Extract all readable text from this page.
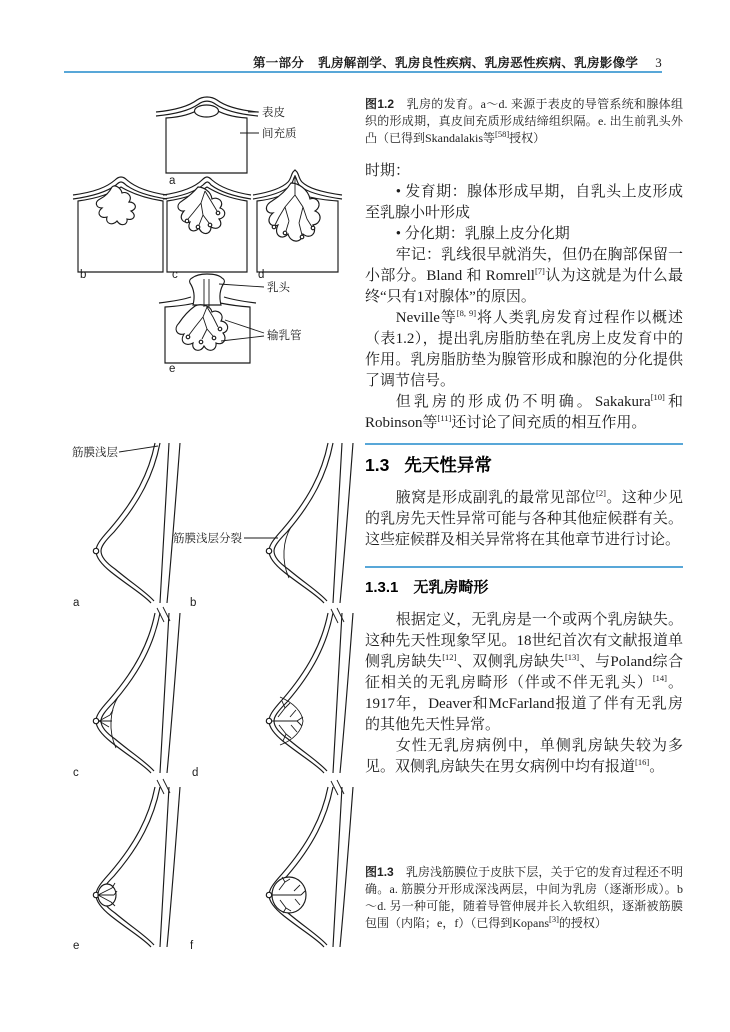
第一部分 乳房解剖学、乳房良性疾病、乳房恶性疾病、乳房影像学 3
表皮
间充质
a
b	c	d
乳头
输乳管
e
筋膜浅层
筋膜浅层分裂
a	b
c	d
e	f

图1.2　乳房的发育。a～d. 来源于表皮的导管系统和腺体组织的形成期，真皮间充质形成结缔组织隔。e. 出生前乳头外凸（已得到Skandalakis等[58]授权）

时期：

• 发育期：腺体形成早期，自乳头上皮形成至乳腺小叶形成

• 分化期：乳腺上皮分化期

牢记：乳线很早就消失，但仍在胸部保留一小部分。Bland 和 Romrell[7]认为这就是为什么最终“只有1对腺体”的原因。

Neville等[8, 9]将人类乳房发育过程作以概述（表1.2），提出乳房脂肪垫在乳房上皮发育中的作用。乳房脂肪垫为腺管形成和腺泡的分化提供了调节信号。

但乳房的形成仍不明确。Sakakura[10]和Robinson等[11]还讨论了间充质的相互作用。

1.3 先天性异常

腋窝是形成副乳的最常见部位[2]。这种少见的乳房先天性异常可能与各种其他症候群有关。这些症候群及相关异常将在其他章节进行讨论。

1.3.1 无乳房畸形

根据定义，无乳房是一个或两个乳房缺失。这种先天性现象罕见。18世纪首次有文献报道单侧乳房缺失[12]、双侧乳房缺失[13]、与Poland综合征相关的无乳房畸形（伴或不伴无乳头）[14]。1917年，Deaver和McFarland报道了伴有无乳房的其他先天性异常。

女性无乳房病例中，单侧乳房缺失较为多见。双侧乳房缺失在男女病例中均有报道[16]。

图1.3　乳房浅筋膜位于皮肤下层，关于它的发育过程还不明确。a. 筋膜分开形成深浅两层，中间为乳房（逐渐形成）。b～d. 另一种可能，随着导管伸展并长入软组织，逐渐被筋膜包围（内陷；e，f）（已得到Kopans[3]的授权）
